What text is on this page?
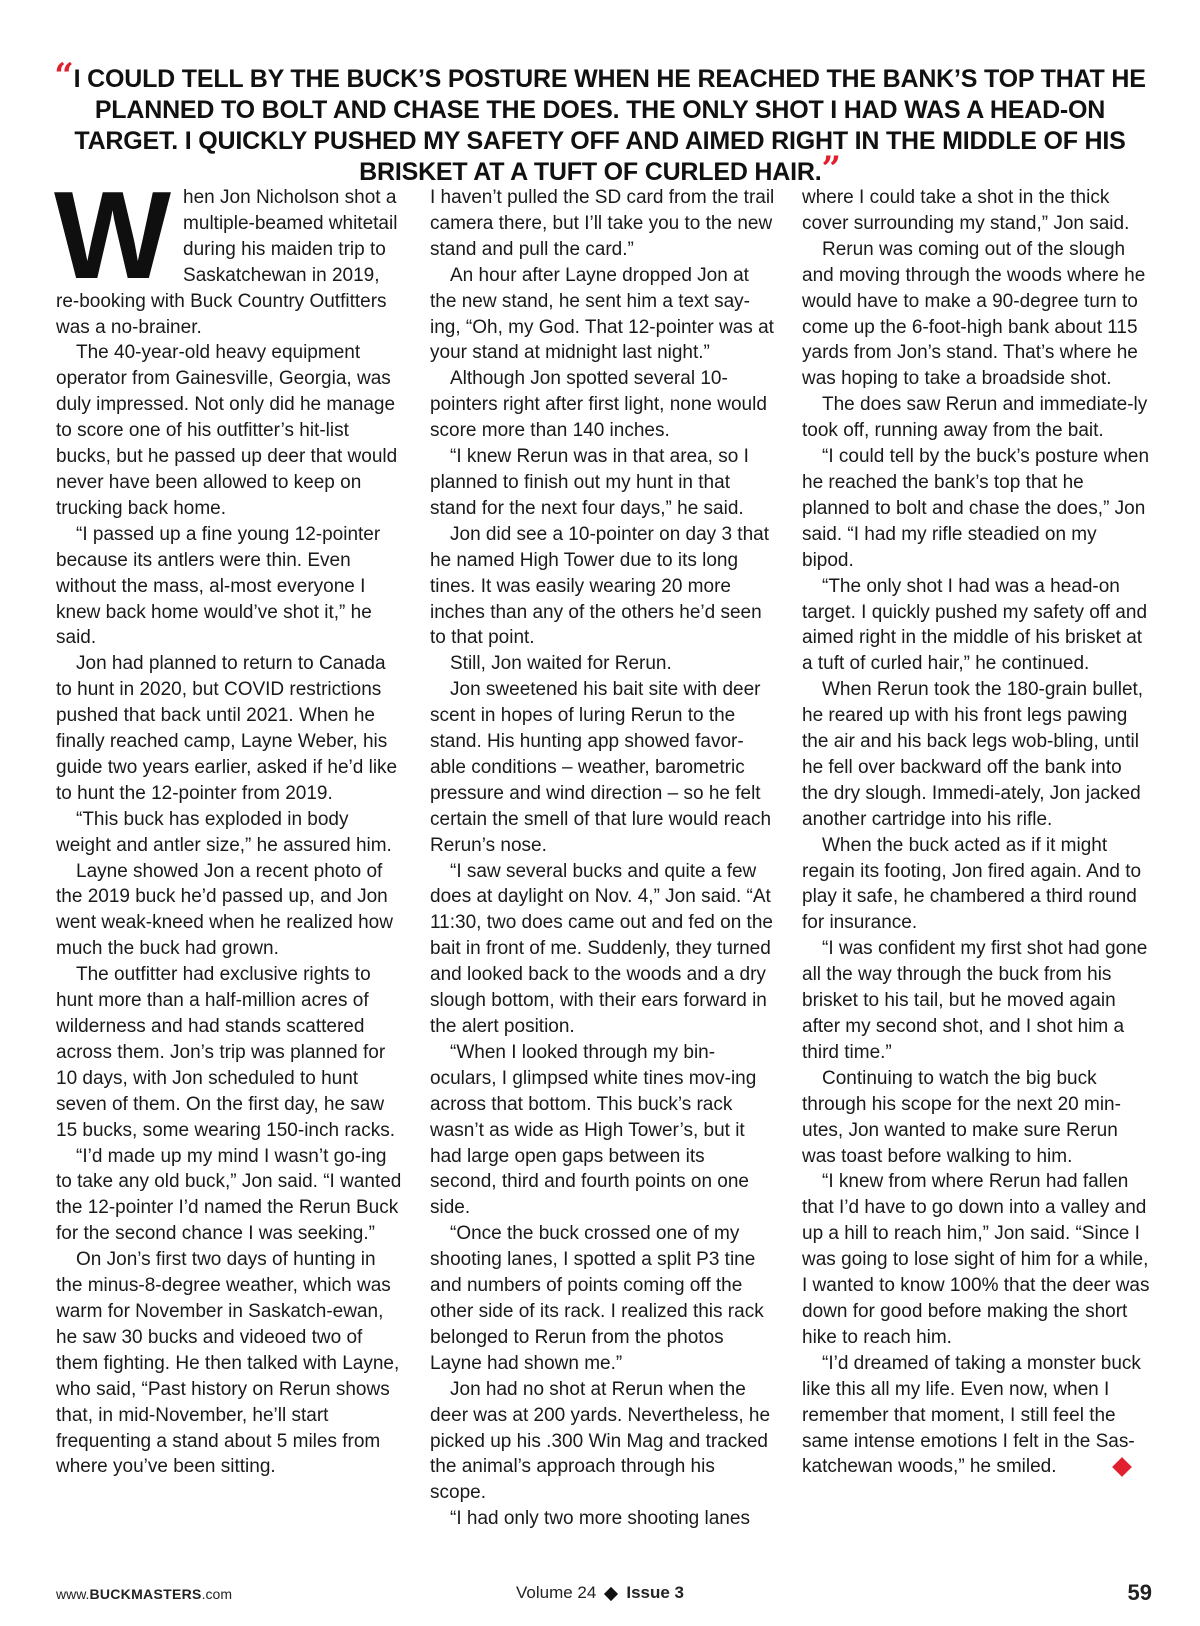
“I COULD TELL BY THE BUCK’S POSTURE WHEN HE REACHED THE BANK’S TOP THAT HE PLANNED TO BOLT AND CHASE THE DOES. THE ONLY SHOT I HAD WAS A HEAD-ON TARGET. I QUICKLY PUSHED MY SAFETY OFF AND AIMED RIGHT IN THE MIDDLE OF HIS BRISKET AT A TUFT OF CURLED HAIR.”

When Jon Nicholson shot a multiple-beamed whitetail during his maiden trip to Saskatchewan in 2019, re-booking with Buck Country Outfitters was a no-brainer.

The 40-year-old heavy equipment operator from Gainesville, Georgia, was duly impressed. Not only did he manage to score one of his outfitter’s hit-list bucks, but he passed up deer that would never have been allowed to keep on trucking back home.

“I passed up a fine young 12-pointer because its antlers were thin. Even without the mass, al-most everyone I knew back home would’ve shot it,” he said.

Jon had planned to return to Canada to hunt in 2020, but COVID restrictions pushed that back until 2021. When he finally reached camp, Layne Weber, his guide two years earlier, asked if he’d like to hunt the 12-pointer from 2019.

“This buck has exploded in body weight and antler size,” he assured him.

Layne showed Jon a recent photo of the 2019 buck he’d passed up, and Jon went weak-kneed when he realized how much the buck had grown.

The outfitter had exclusive rights to hunt more than a half-million acres of wilderness and had stands scattered across them. Jon’s trip was planned for 10 days, with Jon scheduled to hunt seven of them. On the first day, he saw 15 bucks, some wearing 150-inch racks.

“I’d made up my mind I wasn’t go-ing to take any old buck,” Jon said. “I wanted the 12-pointer I’d named the Rerun Buck for the second chance I was seeking.”

On Jon’s first two days of hunting in the minus-8-degree weather, which was warm for November in Saskatch-ewan, he saw 30 bucks and videoed two of them fighting. He then talked with Layne, who said, “Past history on Rerun shows that, in mid-November, he’ll start frequenting a stand about 5 miles from where you’ve been sitting.

I haven’t pulled the SD card from the trail camera there, but I’ll take you to the new stand and pull the card.”

An hour after Layne dropped Jon at the new stand, he sent him a text say-ing, “Oh, my God. That 12-pointer was at your stand at midnight last night.”

Although Jon spotted several 10-pointers right after first light, none would score more than 140 inches.

“I knew Rerun was in that area, so I planned to finish out my hunt in that stand for the next four days,” he said.

Jon did see a 10-pointer on day 3 that he named High Tower due to its long tines. It was easily wearing 20 more inches than any of the others he’d seen to that point.

Still, Jon waited for Rerun.

Jon sweetened his bait site with deer scent in hopes of luring Rerun to the stand. His hunting app showed favor-able conditions – weather, barometric pressure and wind direction – so he felt certain the smell of that lure would reach Rerun’s nose.

“I saw several bucks and quite a few does at daylight on Nov. 4,” Jon said. “At 11:30, two does came out and fed on the bait in front of me. Suddenly, they turned and looked back to the woods and a dry slough bottom, with their ears forward in the alert position.

“When I looked through my bin-oculars, I glimpsed white tines mov-ing across that bottom. This buck’s rack wasn’t as wide as High Tower’s, but it had large open gaps between its second, third and fourth points on one side.

“Once the buck crossed one of my shooting lanes, I spotted a split P3 tine and numbers of points coming off the other side of its rack. I realized this rack belonged to Rerun from the photos Layne had shown me.”

Jon had no shot at Rerun when the deer was at 200 yards. Nevertheless, he picked up his .300 Win Mag and tracked the animal’s approach through his scope.

“I had only two more shooting lanes

where I could take a shot in the thick cover surrounding my stand,” Jon said.

Rerun was coming out of the slough and moving through the woods where he would have to make a 90-degree turn to come up the 6-foot-high bank about 115 yards from Jon’s stand. That’s where he was hoping to take a broadside shot.

The does saw Rerun and immediate-ly took off, running away from the bait.

“I could tell by the buck’s posture when he reached the bank’s top that he planned to bolt and chase the does,” Jon said. “I had my rifle steadied on my bipod.

“The only shot I had was a head-on target. I quickly pushed my safety off and aimed right in the middle of his brisket at a tuft of curled hair,” he continued.

When Rerun took the 180-grain bullet, he reared up with his front legs pawing the air and his back legs wob-bling, until he fell over backward off the bank into the dry slough. Immedi-ately, Jon jacked another cartridge into his rifle.

When the buck acted as if it might regain its footing, Jon fired again. And to play it safe, he chambered a third round for insurance.

“I was confident my first shot had gone all the way through the buck from his brisket to his tail, but he moved again after my second shot, and I shot him a third time.”

Continuing to watch the big buck through his scope for the next 20 min-utes, Jon wanted to make sure Rerun was toast before walking to him.

“I knew from where Rerun had fallen that I’d have to go down into a valley and up a hill to reach him,” Jon said. “Since I was going to lose sight of him for a while, I wanted to know 100% that the deer was down for good before making the short hike to reach him.

“I’d dreamed of taking a monster buck like this all my life. Even now, when I remember that moment, I still feel the same intense emotions I felt in the Sas-katchewan woods,” he smiled.

www.BUCKMASTERS.com	Volume 24 Issue 3	59
